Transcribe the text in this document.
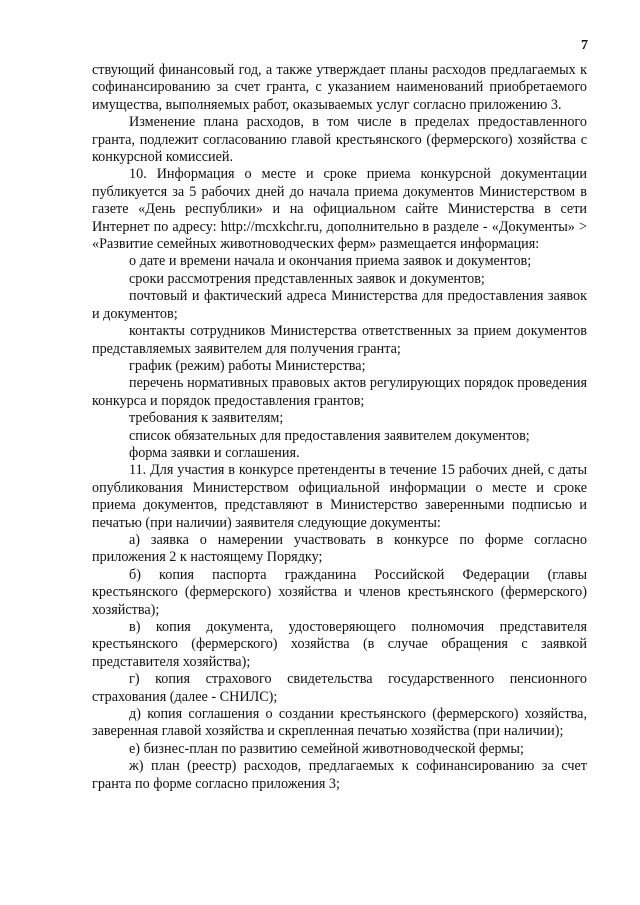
7

ствующий финансовый год, а также утверждает планы расходов предлагаемых к софинансированию за счет гранта, с указанием наименований приобретаемого имущества, выполняемых работ, оказываемых услуг согласно приложению 3.

Изменение плана расходов, в том числе в пределах предоставленного гранта, подлежит согласованию главой крестьянского (фермерского) хозяйства с конкурсной комиссией.

10. Информация о месте и сроке приема конкурсной документации публикуется за 5 рабочих дней до начала приема документов Министерством в газете «День республики» и на официальном сайте Министерства в сети Интернет по адресу: http://mcxkchr.ru, дополнительно в разделе - «Документы» > «Развитие семейных животноводческих ферм» размещается информация:

о дате и времени начала и окончания приема заявок и документов;

сроки рассмотрения представленных заявок и документов;

почтовый и фактический адреса Министерства для предоставления заявок и документов;

контакты сотрудников Министерства ответственных за прием документов представляемых заявителем для получения гранта;

график (режим) работы Министерства;

перечень нормативных правовых актов регулирующих порядок проведения конкурса и порядок предоставления грантов;

требования к заявителям;

список обязательных для предоставления заявителем документов;

форма заявки и соглашения.

11. Для участия в конкурсе претенденты в течение 15 рабочих дней, с даты опубликования Министерством официальной информации о месте и сроке приема документов, представляют в Министерство заверенными подписью и печатью (при наличии) заявителя следующие документы:

а) заявка о намерении участвовать в конкурсе по форме согласно приложения 2 к настоящему Порядку;

б) копия паспорта гражданина Российской Федерации (главы крестьянского (фермерского) хозяйства и членов крестьянского (фермерского) хозяйства);

в) копия документа, удостоверяющего полномочия представителя крестьянского (фермерского) хозяйства (в случае обращения с заявкой представителя хозяйства);

г) копия страхового свидетельства государственного пенсионного страхования (далее - СНИЛС);

д) копия соглашения о создании крестьянского (фермерского) хозяйства, заверенная главой хозяйства и скрепленная печатью хозяйства (при наличии);

е) бизнес-план по развитию семейной животноводческой фермы;

ж) план (реестр) расходов, предлагаемых к софинансированию за счет гранта по форме согласно приложения 3;
